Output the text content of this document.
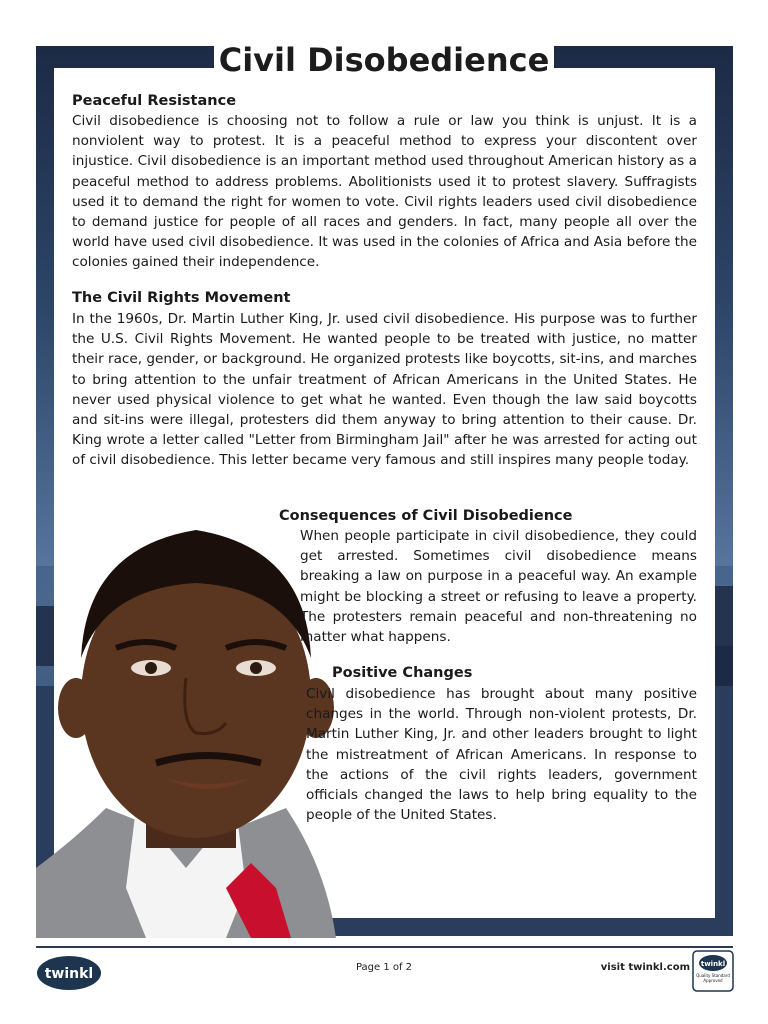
Civil Disobedience
Peaceful Resistance

Civil disobedience is choosing not to follow a rule or law you think is unjust. It is a nonviolent way to protest. It is a peaceful method to express your discontent over injustice. Civil disobedience is an important method used throughout American history as a peaceful method to address problems. Abolitionists used it to protest slavery. Suffragists used it to demand the right for women to vote. Civil rights leaders used civil disobedience to demand justice for people of all races and genders. In fact, many people all over the world have used civil disobedience. It was used in the colonies of Africa and Asia before the colonies gained their independence.

The Civil Rights Movement

In the 1960s, Dr. Martin Luther King, Jr. used civil disobedience. His purpose was to further the U.S. Civil Rights Movement. He wanted people to be treated with justice, no matter their race, gender, or background. He organized protests like boycotts, sit-ins, and marches to bring attention to the unfair treatment of African Americans in the United States. He never used physical violence to get what he wanted. Even though the law said boycotts and sit-ins were illegal, protesters did them anyway to bring attention to their cause. Dr. King wrote a letter called "Letter from Birmingham Jail" after he was arrested for acting out of civil disobedience. This letter became very famous and still inspires many people today.

Consequences of Civil Disobedience

When people participate in civil disobedience, they could get arrested. Sometimes civil disobedience means breaking a law on purpose in a peaceful way. An example might be blocking a street or refusing to leave a property. The protesters remain peaceful and non-threatening no matter what happens.

Positive Changes

Civil disobedience has brought about many positive changes in the world. Through non-violent protests, Dr. Martin Luther King, Jr. and other leaders brought to light the mistreatment of African Americans. In response to the actions of the civil rights leaders, government officials changed the laws to help bring equality to the people of the United States.

twinkl	Page 1 of 2	visit twinkl.com twinkl
Quality Standard Approved
